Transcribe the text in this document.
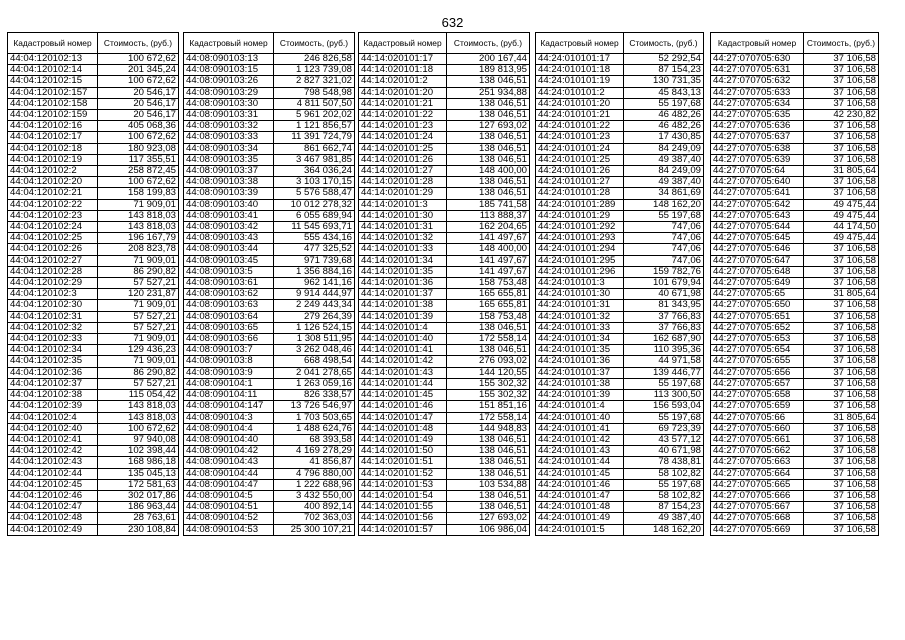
632
Кадастровый номер	Стоимость, (руб.)
44:04:120102:13	100 672,62
44:04:120102:14	201 345,24
44:04:120102:15	100 672,62
44:04:120102:157	20 546,17
44:04:120102:158	20 546,17
44:04:120102:159	20 546,17
44:04:120102:16	405 068,36
44:04:120102:17	100 672,62
44:04:120102:18	180 923,08
44:04:120102:19	117 355,51
44:04:120102:2	258 872,45
44:04:120102:20	100 672,62
44:04:120102:21	158 199,83
44:04:120102:22	71 909,01
44:04:120102:23	143 818,03
44:04:120102:24	143 818,03
44:04:120102:25	196 167,79
44:04:120102:26	208 823,78
44:04:120102:27	71 909,01
44:04:120102:28	86 290,82
44:04:120102:29	57 527,21
44:04:120102:3	120 231,87
44:04:120102:30	71 909,01
44:04:120102:31	57 527,21
44:04:120102:32	57 527,21
44:04:120102:33	71 909,01
44:04:120102:34	129 436,23
44:04:120102:35	71 909,01
44:04:120102:36	86 290,82
44:04:120102:37	57 527,21
44:04:120102:38	115 054,42
44:04:120102:39	143 818,03
44:04:120102:4	143 818,03
44:04:120102:40	100 672,62
44:04:120102:41	97 940,08
44:04:120102:42	102 398,44
44:04:120102:43	168 986,18
44:04:120102:44	135 045,13
44:04:120102:45	172 581,63
44:04:120102:46	302 017,86
44:04:120102:47	186 963,44
44:04:120102:48	28 763,61
44:04:120102:49	230 108,84
Кадастровый номер	Стоимость, (руб.)
44:08:090103:13	246 826,58
44:08:090103:15	1 123 739,08
44:08:090103:26	2 827 321,02
44:08:090103:29	798 548,98
44:08:090103:30	4 811 507,50
44:08:090103:31	5 961 202,02
44:08:090103:32	1 121 856,57
44:08:090103:33	11 391 724,79
44:08:090103:34	861 662,74
44:08:090103:35	3 467 981,85
44:08:090103:37	364 036,24
44:08:090103:38	3 103 170,15
44:08:090103:39	5 576 588,47
44:08:090103:40	10 012 278,32
44:08:090103:41	6 055 689,94
44:08:090103:42	11 545 693,71
44:08:090103:43	555 434,16
44:08:090103:44	477 325,52
44:08:090103:45	971 739,68
44:08:090103:5	1 356 884,16
44:08:090103:61	962 141,16
44:08:090103:62	9 914 444,97
44:08:090103:63	2 249 443,34
44:08:090103:64	279 264,39
44:08:090103:65	1 126 524,15
44:08:090103:66	1 308 511,95
44:08:090103:7	3 262 048,46
44:08:090103:8	668 498,54
44:08:090103:9	2 041 278,65
44:08:090104:1	1 263 059,16
44:08:090104:11	826 338,57
44:08:090104:147	13 726 546,97
44:08:090104:3	1 703 503,65
44:08:090104:4	1 488 624,76
44:08:090104:40	68 393,58
44:08:090104:42	4 169 278,29
44:08:090104:43	41 856,87
44:08:090104:44	4 796 880,00
44:08:090104:47	1 222 688,96
44:08:090104:5	3 432 550,00
44:08:090104:51	400 892,14
44:08:090104:52	702 363,03
44:08:090104:53	25 300 107,21
Кадастровый номер	Стоимость, (руб.)
44:14:020101:17	200 167,44
44:14:020101:18	189 813,95
44:14:020101:2	138 046,51
44:14:020101:20	251 934,88
44:14:020101:21	138 046,51
44:14:020101:22	138 046,51
44:14:020101:23	127 693,02
44:14:020101:24	138 046,51
44:14:020101:25	138 046,51
44:14:020101:26	138 046,51
44:14:020101:27	148 400,00
44:14:020101:28	138 046,51
44:14:020101:29	138 046,51
44:14:020101:3	185 741,58
44:14:020101:30	113 888,37
44:14:020101:31	162 204,65
44:14:020101:32	141 497,67
44:14:020101:33	148 400,00
44:14:020101:34	141 497,67
44:14:020101:35	141 497,67
44:14:020101:36	158 753,48
44:14:020101:37	165 655,81
44:14:020101:38	165 655,81
44:14:020101:39	158 753,48
44:14:020101:4	138 046,51
44:14:020101:40	172 558,14
44:14:020101:41	138 046,51
44:14:020101:42	276 093,02
44:14:020101:43	144 120,55
44:14:020101:44	155 302,32
44:14:020101:45	155 302,32
44:14:020101:46	151 851,16
44:14:020101:47	172 558,14
44:14:020101:48	144 948,83
44:14:020101:49	138 046,51
44:14:020101:50	138 046,51
44:14:020101:51	138 046,51
44:14:020101:52	138 046,51
44:14:020101:53	103 534,88
44:14:020101:54	138 046,51
44:14:020101:55	138 046,51
44:14:020101:56	127 693,02
44:14:020101:57	106 986,04
Кадастровый номер	Стоимость, (руб.)
44:24:010101:17	52 292,54
44:24:010101:18	87 154,23
44:24:010101:19	130 731,35
44:24:010101:2	45 843,13
44:24:010101:20	55 197,68
44:24:010101:21	46 482,26
44:24:010101:22	46 482,26
44:24:010101:23	17 430,85
44:24:010101:24	84 249,09
44:24:010101:25	49 387,40
44:24:010101:26	84 249,09
44:24:010101:27	49 387,40
44:24:010101:28	34 861,69
44:24:010101:289	148 162,20
44:24:010101:29	55 197,68
44:24:010101:292	747,06
44:24:010101:293	747,06
44:24:010101:294	747,06
44:24:010101:295	747,06
44:24:010101:296	159 782,76
44:24:010101:3	101 679,94
44:24:010101:30	40 671,98
44:24:010101:31	81 343,95
44:24:010101:32	37 766,83
44:24:010101:33	37 766,83
44:24:010101:34	162 687,90
44:24:010101:35	110 395,36
44:24:010101:36	44 971,58
44:24:010101:37	139 446,77
44:24:010101:38	55 197,68
44:24:010101:39	113 300,50
44:24:010101:4	156 593,04
44:24:010101:40	55 197,68
44:24:010101:41	69 723,39
44:24:010101:42	43 577,12
44:24:010101:43	40 671,98
44:24:010101:44	78 438,81
44:24:010101:45	58 102,82
44:24:010101:46	55 197,68
44:24:010101:47	58 102,82
44:24:010101:48	87 154,23
44:24:010101:49	49 387,40
44:24:010101:5	148 162,20
Кадастровый номер	Стоимость, (руб.)
44:27:070705:630	37 106,58
44:27:070705:631	37 106,58
44:27:070705:632	37 106,58
44:27:070705:633	37 106,58
44:27:070705:634	37 106,58
44:27:070705:635	42 230,82
44:27:070705:636	37 106,58
44:27:070705:637	37 106,58
44:27:070705:638	37 106,58
44:27:070705:639	37 106,58
44:27:070705:64	31 805,64
44:27:070705:640	37 106,58
44:27:070705:641	37 106,58
44:27:070705:642	49 475,44
44:27:070705:643	49 475,44
44:27:070705:644	44 174,50
44:27:070705:645	49 475,44
44:27:070705:646	37 106,58
44:27:070705:647	37 106,58
44:27:070705:648	37 106,58
44:27:070705:649	37 106,58
44:27:070705:65	31 805,64
44:27:070705:650	37 106,58
44:27:070705:651	37 106,58
44:27:070705:652	37 106,58
44:27:070705:653	37 106,58
44:27:070705:654	37 106,58
44:27:070705:655	37 106,58
44:27:070705:656	37 106,58
44:27:070705:657	37 106,58
44:27:070705:658	37 106,58
44:27:070705:659	37 106,58
44:27:070705:66	31 805,64
44:27:070705:660	37 106,58
44:27:070705:661	37 106,58
44:27:070705:662	37 106,58
44:27:070705:663	37 106,58
44:27:070705:664	37 106,58
44:27:070705:665	37 106,58
44:27:070705:666	37 106,58
44:27:070705:667	37 106,58
44:27:070705:668	37 106,58
44:27:070705:669	37 106,58
